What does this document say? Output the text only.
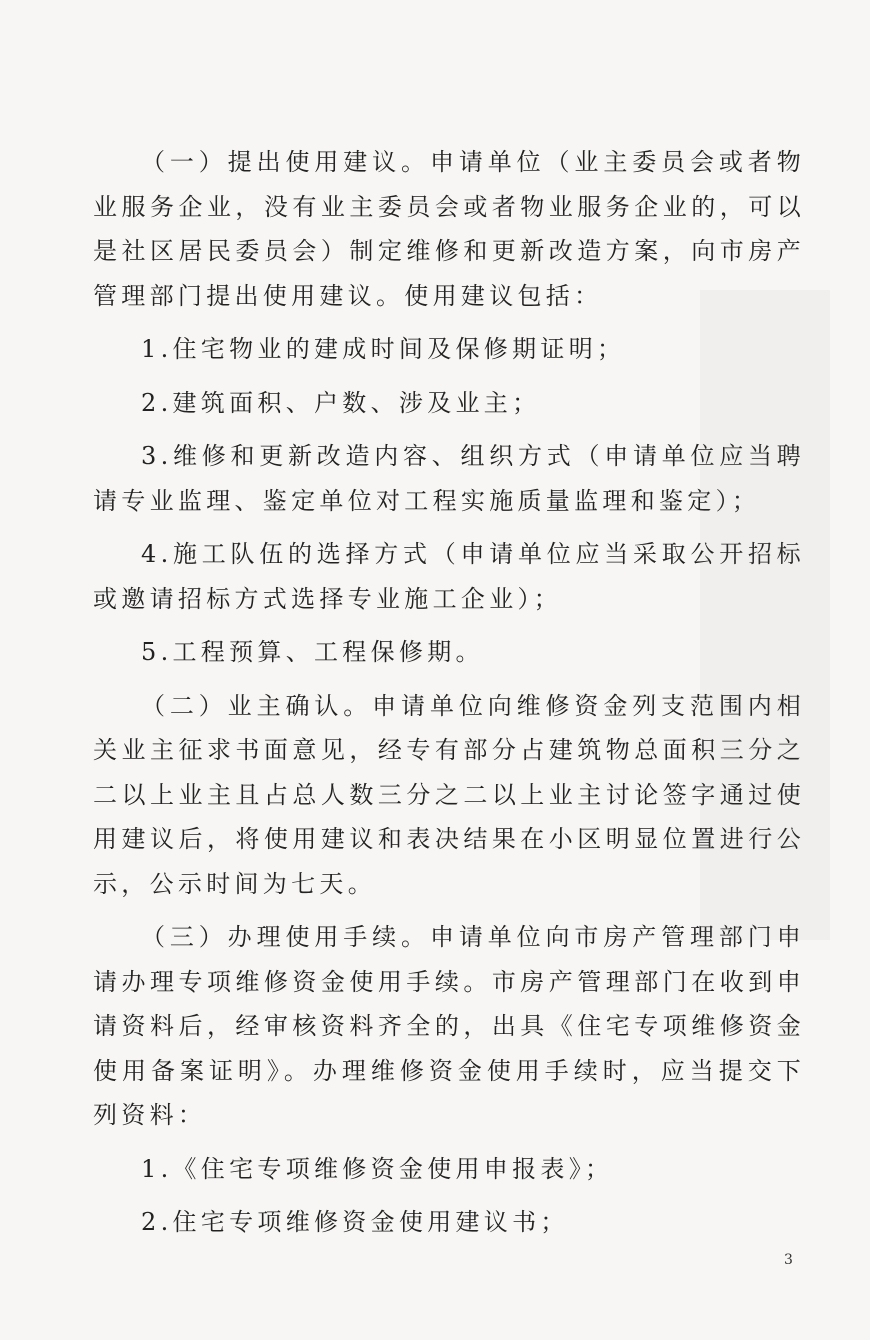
（一）提出使用建议。申请单位（业主委员会或者物业服务企业，没有业主委员会或者物业服务企业的，可以是社区居民委员会）制定维修和更新改造方案，向市房产管理部门提出使用建议。使用建议包括：

1.住宅物业的建成时间及保修期证明；

2.建筑面积、户数、涉及业主；

3.维修和更新改造内容、组织方式（申请单位应当聘请专业监理、鉴定单位对工程实施质量监理和鉴定）；

4.施工队伍的选择方式（申请单位应当采取公开招标或邀请招标方式选择专业施工企业）；

5.工程预算、工程保修期。

（二）业主确认。申请单位向维修资金列支范围内相关业主征求书面意见，经专有部分占建筑物总面积三分之二以上业主且占总人数三分之二以上业主讨论签字通过使用建议后，将使用建议和表决结果在小区明显位置进行公示，公示时间为七天。

（三）办理使用手续。申请单位向市房产管理部门申请办理专项维修资金使用手续。市房产管理部门在收到申请资料后，经审核资料齐全的，出具《住宅专项维修资金使用备案证明》。办理维修资金使用手续时，应当提交下列资料：

1.《住宅专项维修资金使用申报表》；

2.住宅专项维修资金使用建议书；

3
